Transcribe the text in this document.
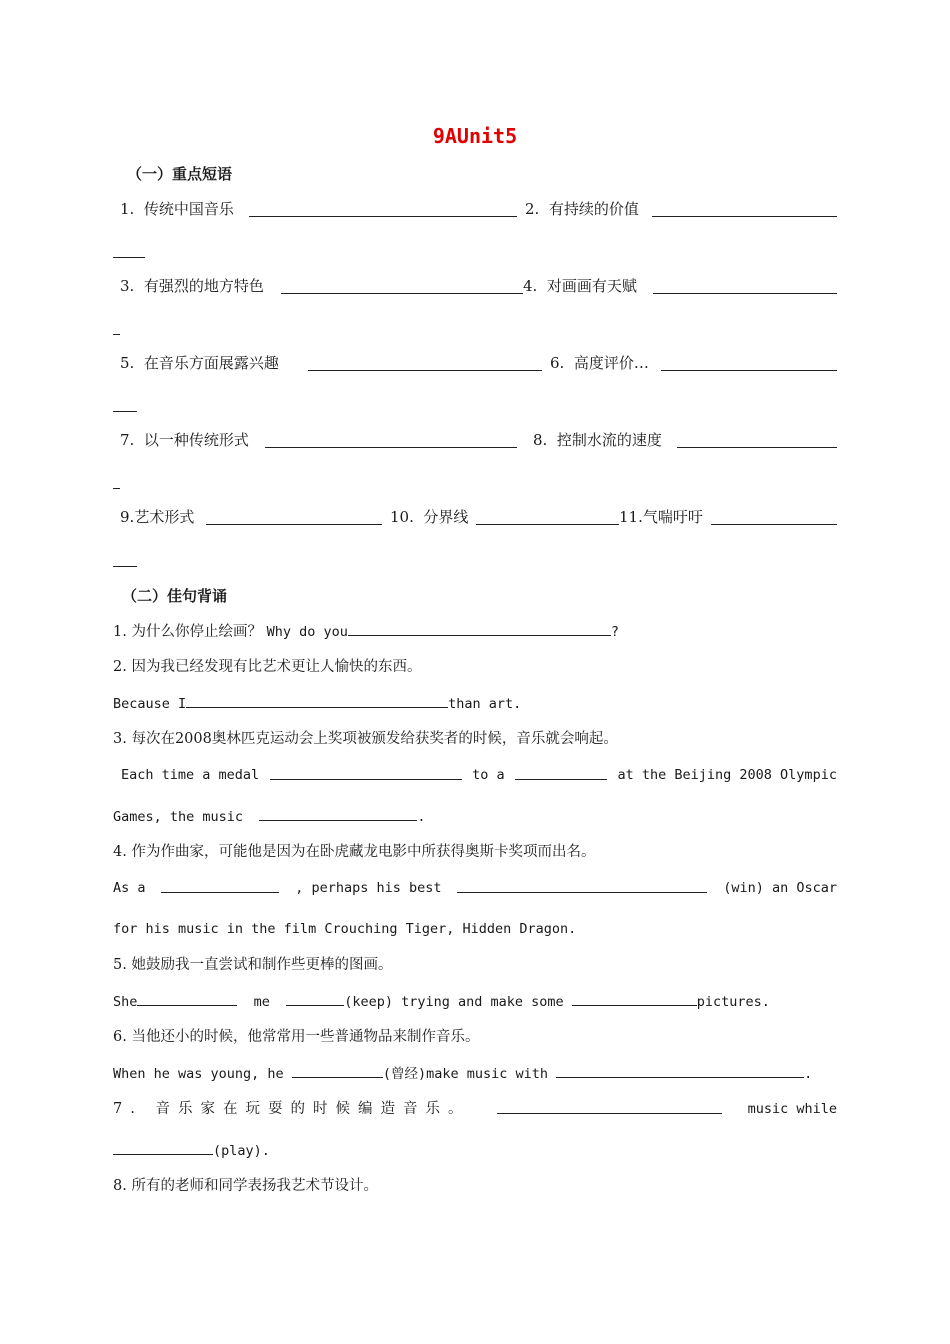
9AUnit5
（一）重点短语
1. 传统中国音乐	2. 有持续的价值
3. 有强烈的地方特色	4. 对画画有天赋
5. 在音乐方面展露兴趣	6. 高度评价…
7. 以一种传统形式	8. 控制水流的速度
9.艺术形式	10. 分界线	11.气喘吁吁
（二）佳句背诵
1. 为什么你停止绘画？ Why do you	?
2. 因为我已经发现有比艺术更让人愉快的东西。
Because I	than art.
3. 每次在2008奥林匹克运动会上奖项被颁发给获奖者的时候，音乐就会响起。
Each time a medal	to a	at the Beijing 2008 Olympic
Games, the music	.
4. 作为作曲家，可能他是因为在卧虎藏龙电影中所获得奥斯卡奖项而出名。
As a	, perhaps his best	(win) an Oscar
for his music in the film Crouching Tiger, Hidden Dragon.
5. 她鼓励我一直尝试和制作些更棒的图画。
She	me	(keep) trying and make some	pictures.
6. 当他还小的时候，他常常用一些普通物品来制作音乐。
When he was young, he	(曾经)make music with	.
7. 音乐家在玩耍的时候编造音乐。	music while
(play).
8. 所有的老师和同学表扬我艺术节设计。
